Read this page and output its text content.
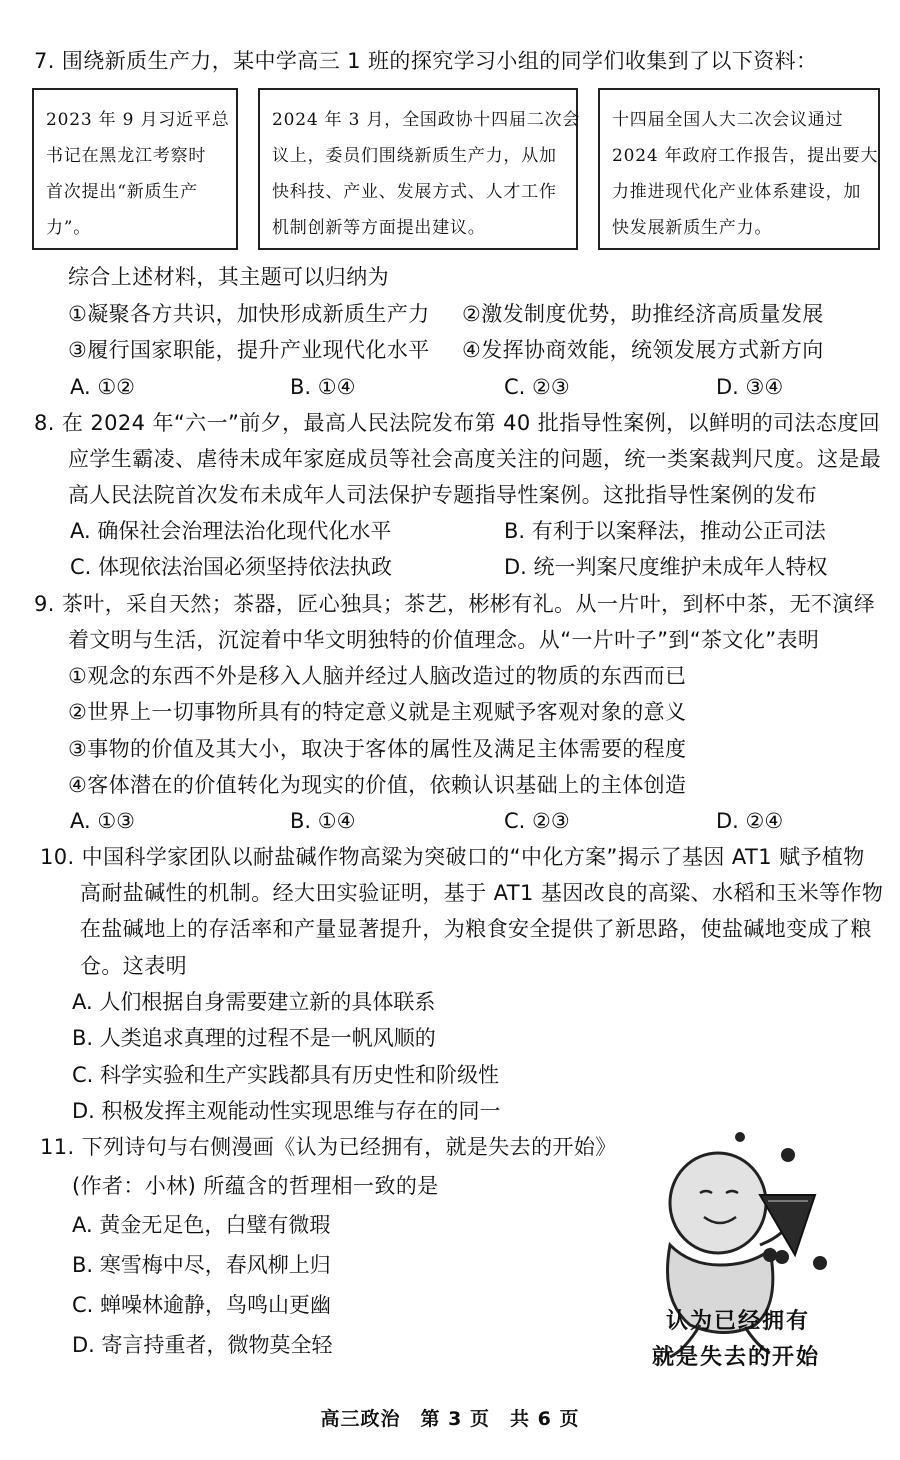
7. 围绕新质生产力，某中学高三 1 班的探究学习小组的同学们收集到了以下资料：
2023 年 9 月习近平总
书记在黑龙江考察时
首次提出“新质生产
力”。
2024 年 3 月，全国政协十四届二次会
议上，委员们围绕新质生产力，从加
快科技、产业、发展方式、人才工作
机制创新等方面提出建议。
十四届全国人大二次会议通过
2024 年政府工作报告，提出要大
力推进现代化产业体系建设，加
快发展新质生产力。
综合上述材料，其主题可以归纳为
①凝聚各方共识，加快形成新质生产力 ②激发制度优势，助推经济高质量发展
③履行国家职能，提升产业现代化水平 ④发挥协商效能，统领发展方式新方向
A. ①②	B. ①④	C. ②③	D. ③④
8. 在 2024 年“六一”前夕，最高人民法院发布第 40 批指导性案例，以鲜明的司法态度回
应学生霸凌、虐待未成年家庭成员等社会高度关注的问题，统一类案裁判尺度。这是最
高人民法院首次发布未成年人司法保护专题指导性案例。这批指导性案例的发布
A. 确保社会治理法治化现代化水平	B. 有利于以案释法，推动公正司法
C. 体现依法治国必须坚持依法执政	D. 统一判案尺度维护未成年人特权
9. 茶叶，采自天然；茶器，匠心独具；茶艺，彬彬有礼。从一片叶，到杯中茶，无不演绎
着文明与生活，沉淀着中华文明独特的价值理念。从“一片叶子”到“茶文化”表明
①观念的东西不外是移入人脑并经过人脑改造过的物质的东西而已
②世界上一切事物所具有的特定意义就是主观赋予客观对象的意义
③事物的价值及其大小，取决于客体的属性及满足主体需要的程度
④客体潜在的价值转化为现实的价值，依赖认识基础上的主体创造
A. ①③	B. ①④	C. ②③	D. ②④
10. 中国科学家团队以耐盐碱作物高粱为突破口的“中化方案”揭示了基因 AT1 赋予植物
高耐盐碱性的机制。经大田实验证明，基于 AT1 基因改良的高粱、水稻和玉米等作物
在盐碱地上的存活率和产量显著提升，为粮食安全提供了新思路，使盐碱地变成了粮
仓。这表明
A. 人们根据自身需要建立新的具体联系
B. 人类追求真理的过程不是一帆风顺的
C. 科学实验和生产实践都具有历史性和阶级性
D. 积极发挥主观能动性实现思维与存在的同一
11. 下列诗句与右侧漫画《认为已经拥有，就是失去的开始》
(作者：小林) 所蕴含的哲理相一致的是
A. 黄金无足色，白璧有微瑕
B. 寒雪梅中尽，春风柳上归
C. 蝉噪林逾静，鸟鸣山更幽
D. 寄言持重者，微物莫全轻
认为已经拥有
就是失去的开始
高三政治　第 3 页　共 6 页
